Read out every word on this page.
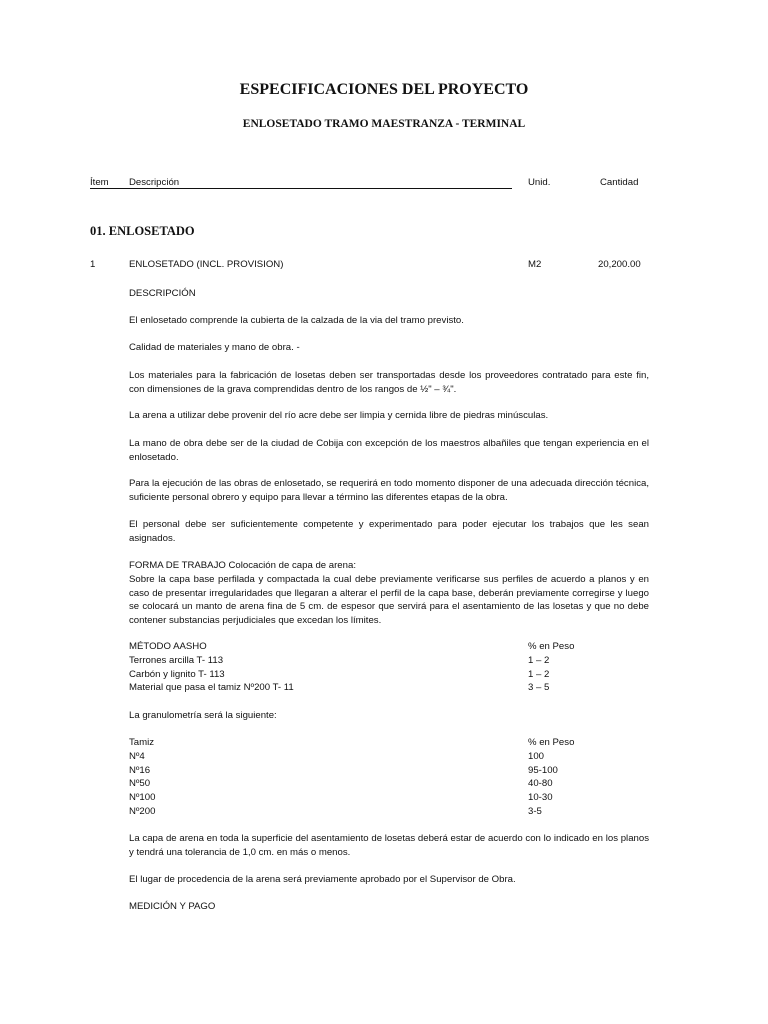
ESPECIFICACIONES DEL PROYECTO
ENLOSETADO TRAMO MAESTRANZA - TERMINAL
Ítem Descripción	Unid.	Cantidad
01. ENLOSETADO
1	ENLOSETADO (INCL. PROVISION)	M2	20,200.00
DESCRIPCIÓN
El enlosetado comprende la cubierta de la calzada de la via del tramo previsto.
Calidad de materiales y mano de obra. -
Los materiales para la fabricación de losetas deben ser transportadas desde los proveedores contratado para este fin, con dimensiones de la grava comprendidas dentro de los rangos de ½" – ¾".
La arena a utilizar debe provenir del río acre debe ser limpia y cernida libre de piedras minúsculas.
La mano de obra debe ser de la ciudad de Cobija con excepción de los maestros albañiles que tengan experiencia en el enlosetado.
Para la ejecución de las obras de enlosetado, se requerirá en todo momento disponer de una adecuada dirección técnica, suficiente personal obrero y equipo para llevar a término las diferentes etapas de la obra.
El personal debe ser suficientemente competente y experimentado para poder ejecutar los trabajos que les sean asignados.
FORMA DE TRABAJO Colocación de capa de arena:
Sobre la capa base perfilada y compactada la cual debe previamente verificarse sus perfiles de acuerdo a planos y en caso de presentar irregularidades que llegaran a alterar el perfil de la capa base, deberán previamente corregirse y luego se colocará un manto de arena fina de 5 cm. de espesor que servirá para el asentamiento de las losetas y que no debe contener substancias perjudiciales que excedan los límites.
MÉTODO AASHO	% en Peso
Terrones arcilla T- 113	1 – 2
Carbón y lignito T- 113	1 – 2
Material que pasa el tamiz Nº200 T- 11	3 – 5
La granulometría será la siguiente:
Tamiz	% en Peso
Nº4	100
Nº16	95-100
Nº50	40-80
Nº100	10-30
Nº200	3-5
La capa de arena en toda la superficie del asentamiento de losetas deberá estar de acuerdo con lo indicado en los planos y tendrá una tolerancia de 1,0 cm. en más o menos.
El lugar de procedencia de la arena será previamente aprobado por el Supervisor de Obra.
MEDICIÓN Y PAGO
